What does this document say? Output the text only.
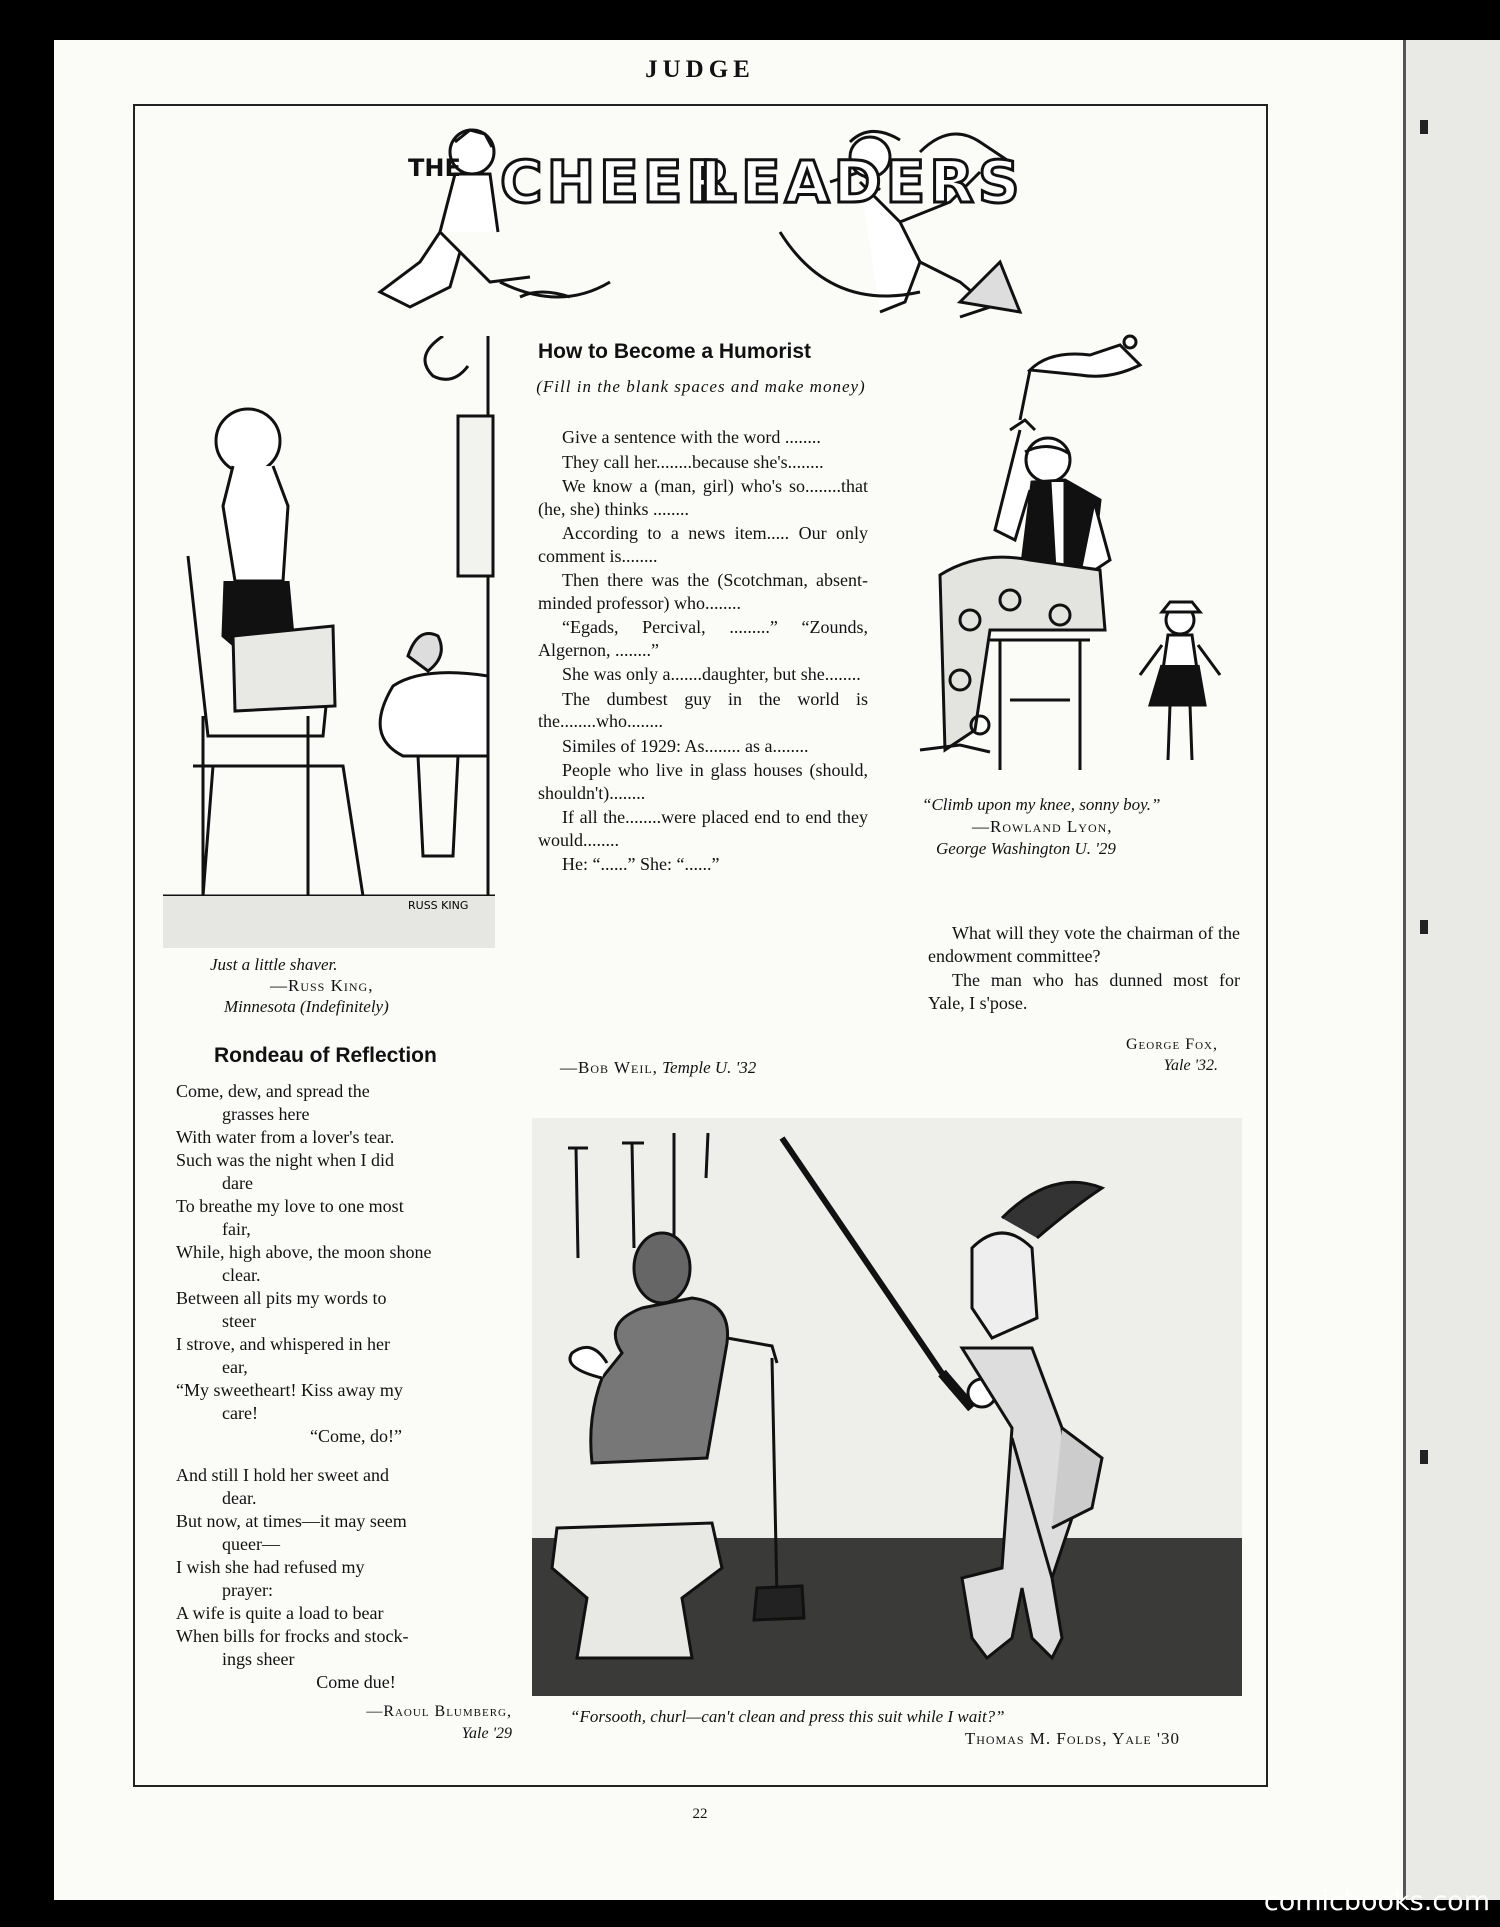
JUDGE
THE CHEER
LEADERS
RUSS KING
How to Become a Humorist
(Fill in the blank spaces and make money)

Give a sentence with the word ........

They call her........because she's........

We know a (man, girl) who's so........that (he, she) thinks ........

According to a news item..... Our only comment is........

Then there was the (Scotchman, absent-minded professor) who........

“Egads, Percival, .........” “Zounds, Algernon, ........”

She was only a.......daughter, but she........

The dumbest guy in the world is the........who........

Similes of 1929: As........ as a........

People who live in glass houses (should, shouldn't)........

If all the........were placed end to end they would........

He: “......” She: “......”

—Bob Weil, Temple U. '32
Just a little shaver.
—Russ King,
Minnesota (Indefinitely)
Rondeau of Reflection
Come, dew, and spread the
grasses here
With water from a lover's tear.
Such was the night when I did
dare
To breathe my love to one most
fair,
While, high above, the moon shone
clear.
Between all pits my words to
steer
I strove, and whispered in her
ear,
“My sweetheart! Kiss away my
care!
“Come, do!”
And still I hold her sweet and
dear.
But now, at times—it may seem
queer—
I wish she had refused my
prayer:
A wife is quite a load to bear
When bills for frocks and stock-
ings sheer
Come due!
—Raoul Blumberg,
Yale '29
“Climb upon my knee, sonny boy.”
—Rowland Lyon,
George Washington U. '29

What will they vote the chairman of the endowment committee?

The man who has dunned most for Yale, I s'pose.

George Fox,
Yale '32.
“Forsooth, churl—can't clean and press this suit while I wait?”
Thomas M. Folds, Yale '30
22
comicbooks.com
